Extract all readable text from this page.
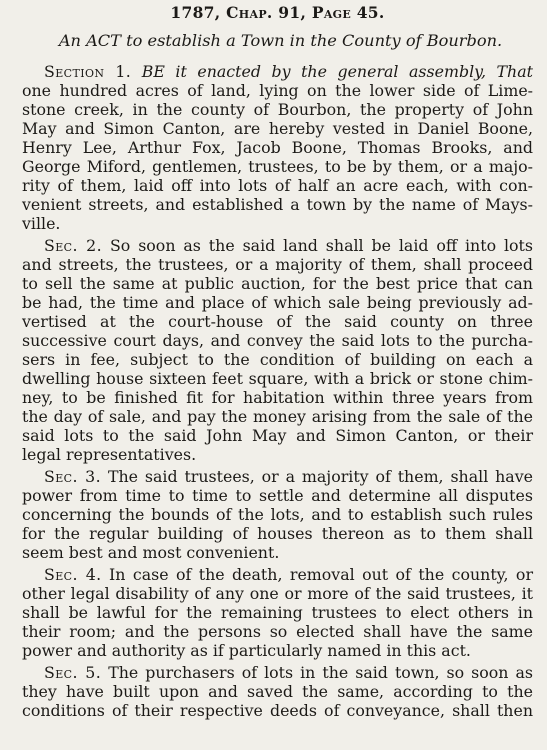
1787, Chap. 91, Page 45.
An ACT to establish a Town in the County of Bourbon.
Section 1. BE it enacted by the general assembly, That
one hundred acres of land, lying on the lower side of Lime-
stone creek, in the county of Bourbon, the property of John
May and Simon Canton, are hereby vested in Daniel Boone,
Henry Lee, Arthur Fox, Jacob Boone, Thomas Brooks, and
George Miford, gentlemen, trustees, to be by them, or a majo-
rity of them, laid off into lots of half an acre each, with con-
venient streets, and established a town by the name of Mays-
ville.
Sec. 2. So soon as the said land shall be laid off into lots
and streets, the trustees, or a majority of them, shall proceed
to sell the same at public auction, for the best price that can
be had, the time and place of which sale being previously ad-
vertised at the court-house of the said county on three
successive court days, and convey the said lots to the purcha-
sers in fee, subject to the condition of building on each a
dwelling house sixteen feet square, with a brick or stone chim-
ney, to be finished fit for habitation within three years from
the day of sale, and pay the money arising from the sale of the
said lots to the said John May and Simon Canton, or their
legal representatives.
Sec. 3. The said trustees, or a majority of them, shall have
power from time to time to settle and determine all disputes
concerning the bounds of the lots, and to establish such rules
for the regular building of houses thereon as to them shall
seem best and most convenient.
Sec. 4. In case of the death, removal out of the county, or
other legal disability of any one or more of the said trustees, it
shall be lawful for the remaining trustees to elect others in
their room; and the persons so elected shall have the same
power and authority as if particularly named in this act.
Sec. 5. The purchasers of lots in the said town, so soon as
they have built upon and saved the same, according to the
conditions of their respective deeds of conveyance, shall then
